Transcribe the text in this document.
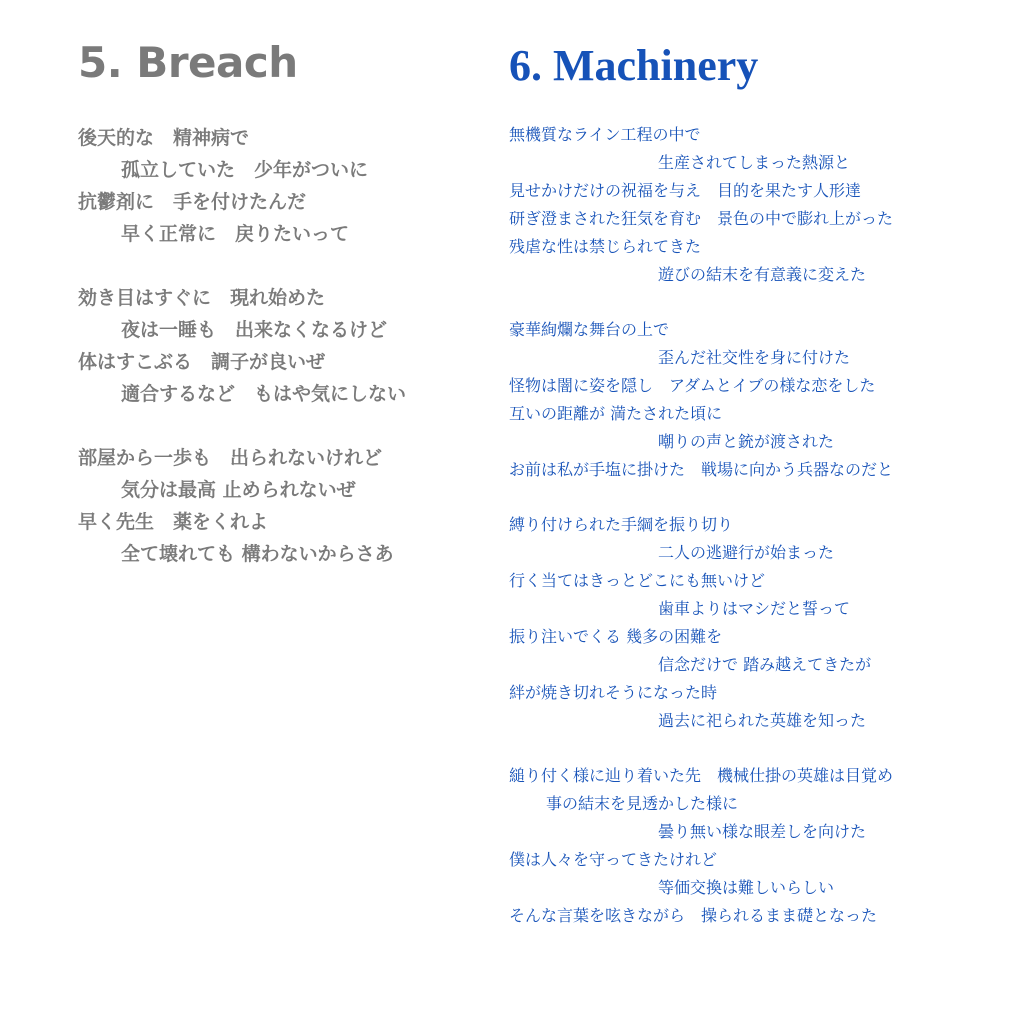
5. Breach
後天的な　精神病で
孤立していた　少年がついに
抗鬱剤に　手を付けたんだ
早く正常に　戻りたいって
効き目はすぐに　現れ始めた
夜は一睡も　出来なくなるけど
体はすこぶる　調子が良いぜ
適合するなど　もはや気にしない
部屋から一歩も　出られないけれど
気分は最高 止められないぜ
早く先生　薬をくれよ
全て壊れても 構わないからさあ
6. Machinery
無機質なライン工程の中で
生産されてしまった熱源と
見せかけだけの祝福を与え　目的を果たす人形達
研ぎ澄まされた狂気を育む　景色の中で膨れ上がった
残虐な性は禁じられてきた
遊びの結末を有意義に変えた
豪華絢爛な舞台の上で
歪んだ社交性を身に付けた
怪物は闇に姿を隠し　アダムとイブの様な恋をした
互いの距離が 満たされた頃に
嘲りの声と銃が渡された
お前は私が手塩に掛けた　戦場に向かう兵器なのだと
縛り付けられた手綱を振り切り
二人の逃避行が始まった
行く当てはきっとどこにも無いけど
歯車よりはマシだと誓って
振り注いでくる 幾多の困難を
信念だけで 踏み越えてきたが
絆が焼き切れそうになった時
過去に祀られた英雄を知った
縋り付く様に辿り着いた先　機械仕掛の英雄は目覚め
事の結末を見透かした様に
曇り無い様な眼差しを向けた
僕は人々を守ってきたけれど
等価交換は難しいらしい
そんな言葉を呟きながら　操られるまま礎となった
